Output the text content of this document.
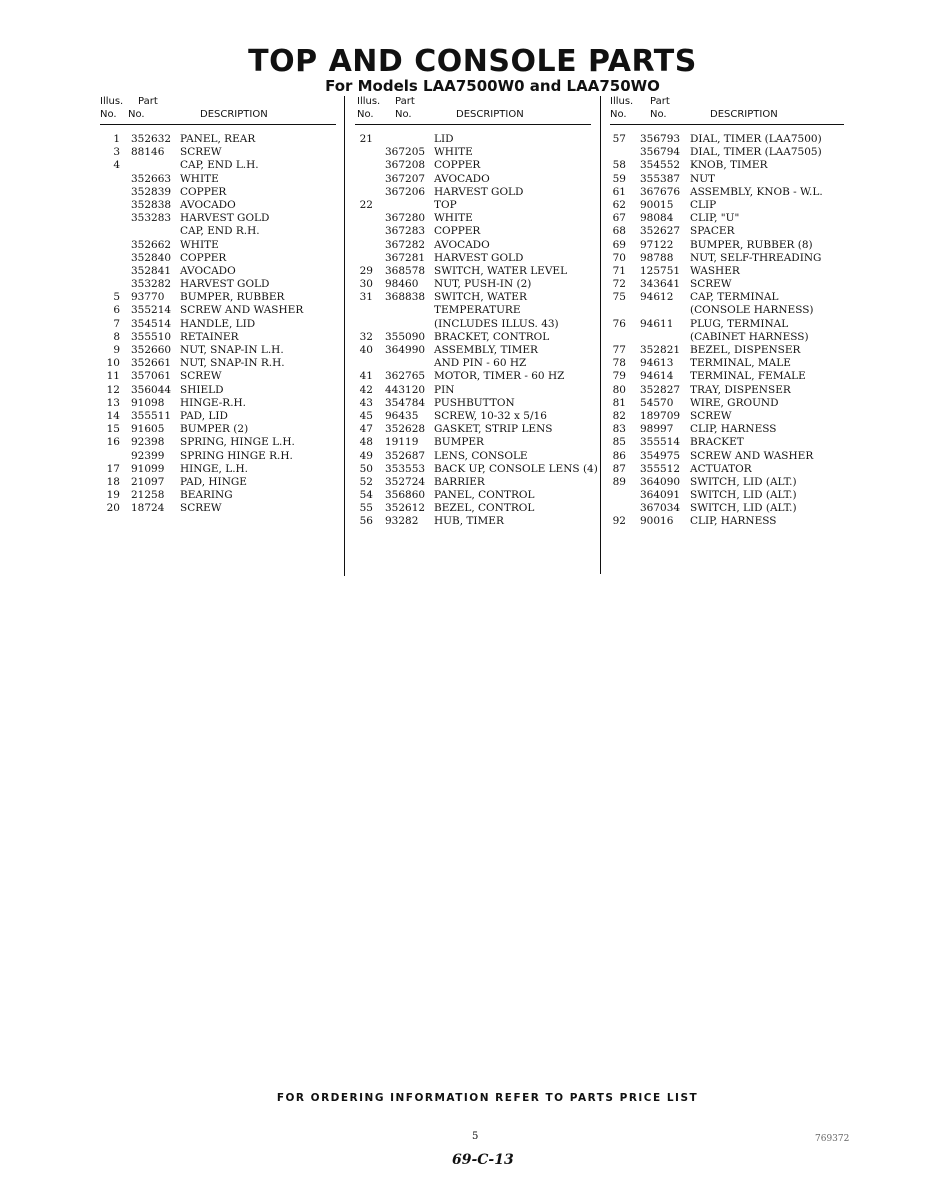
TOP AND CONSOLE PARTS
For Models LAA7500W0 and LAA750WO
Illus. Part
No. No.	DESCRIPTION
1 352632 PANEL, REAR
3 88146 SCREW
4	CAP, END L.H.
352663 WHITE
352839 COPPER
352838 AVOCADO
353283 HARVEST GOLD
CAP, END R.H.
352662 WHITE
352840 COPPER
352841 AVOCADO
353282 HARVEST GOLD
5 93770 BUMPER, RUBBER
6 355214 SCREW AND WASHER
7 354514 HANDLE, LID
8 355510 RETAINER
9 352660 NUT, SNAP-IN L.H.
10 352661 NUT, SNAP-IN R.H.
11 357061 SCREW
12 356044 SHIELD
13 91098 HINGE-R.H.
14 355511 PAD, LID
15 91605 BUMPER (2)
16 92398 SPRING, HINGE L.H.
92399 SPRING HINGE R.H.
17 91099 HINGE, L.H.
18 21097 PAD, HINGE
19 21258 BEARING
20 18724 SCREW
Illus. Part
No. No.	DESCRIPTION
21	LID
367205 WHITE
367208 COPPER
367207 AVOCADO
367206 HARVEST GOLD
22	TOP
367280 WHITE
367283 COPPER
367282 AVOCADO
367281 HARVEST GOLD
29 368578 SWITCH, WATER LEVEL
30 98460 NUT, PUSH-IN (2)
31 368838 SWITCH, WATER
TEMPERATURE
(INCLUDES ILLUS. 43)
32 355090 BRACKET, CONTROL
40 364990 ASSEMBLY, TIMER
AND PIN - 60 HZ
41 362765 MOTOR, TIMER - 60 HZ
42 443120 PIN
43 354784 PUSHBUTTON
45 96435 SCREW, 10-32 x 5/16
47 352628 GASKET, STRIP LENS
48 19119 BUMPER
49 352687 LENS, CONSOLE
50 353553 BACK UP, CONSOLE LENS (4)
52 352724 BARRIER
54 356860 PANEL, CONTROL
55 352612 BEZEL, CONTROL
56 93282 HUB, TIMER
Illus. Part
No. No.	DESCRIPTION
57 356793 DIAL, TIMER (LAA7500)
356794 DIAL, TIMER (LAA7505)
58 354552 KNOB, TIMER
59 355387 NUT
61 367676 ASSEMBLY, KNOB - W.L.
62 90015 CLIP
67 98084 CLIP, "U"
68 352627 SPACER
69 97122 BUMPER, RUBBER (8)
70 98788 NUT, SELF-THREADING
71 125751 WASHER
72 343641 SCREW
75 94612 CAP, TERMINAL
(CONSOLE HARNESS)
76 94611 PLUG, TERMINAL
(CABINET HARNESS)
77 352821 BEZEL, DISPENSER
78 94613 TERMINAL, MALE
79 94614 TERMINAL, FEMALE
80 352827 TRAY, DISPENSER
81 54570 WIRE, GROUND
82 189709 SCREW
83 98997 CLIP, HARNESS
85 355514 BRACKET
86 354975 SCREW AND WASHER
87 355512 ACTUATOR
89 364090 SWITCH, LID (ALT.)
364091 SWITCH, LID (ALT.)
367034 SWITCH, LID (ALT.)
92 90016 CLIP, HARNESS
FOR ORDERING INFORMATION REFER TO PARTS PRICE LIST
5	769372
69-C-13
